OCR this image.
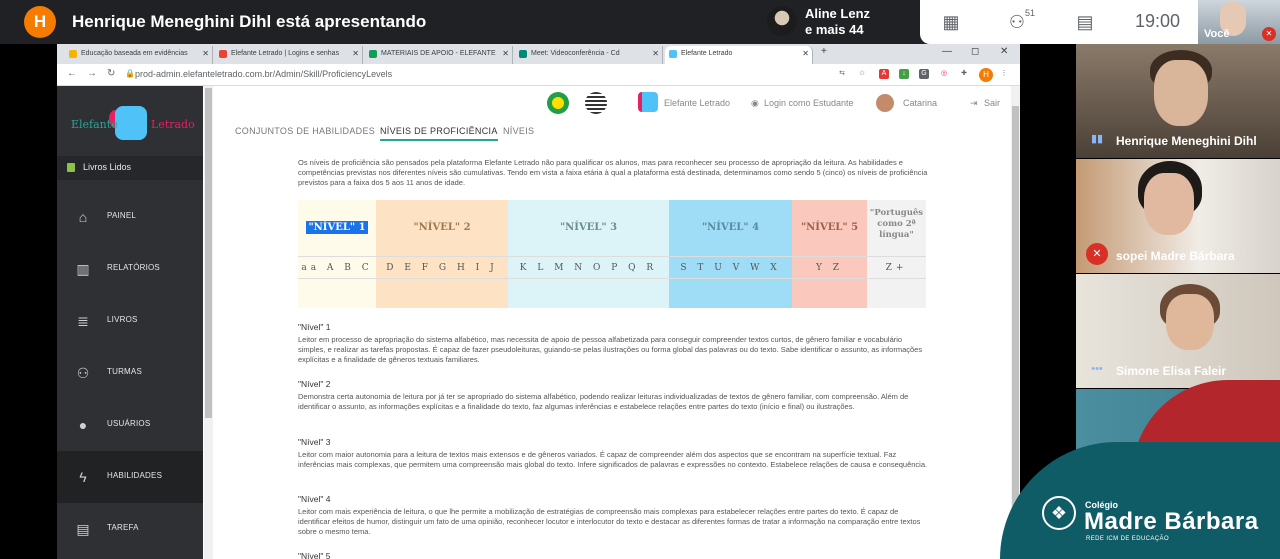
H	Henrique Meneghini Dihl está apresentando	Aline Lenz
e mais 44	▦	⚇ 51 ▤ 19:00
Você	✕
Educação baseada em evidências ✕	Elefante Letrado | Logins e senhas ✕	MATERIAIS DE APOIO - ELEFANTE ✕	Meet: Videoconferência - Cd	✕	Elefante Letrado	✕ +	— ◻ ✕
← → ↻ 🔒 prod-admin.elefanteletrado.com.br/Admin/Skill/ProficiencyLevels	⇆ ☆	A	↓	G	◎ ✚	H	⋮
Elefante	Letrado
Livros Lidos
⌂	PAINEL
▥ RELATÓRIOS
≣ LIVROS
⚇ TURMAS
●	USUÁRIOS
ϟ	HABILIDADES
▤ TAREFA
Elefante Letrado ◉ Login como Estudante	Catarina	⇥ Sair
CONJUNTOS DE HABILIDADES NÍVEIS DE PROFICIÊNCIA NÍVEIS
Os níveis de proficiência são pensados pela plataforma Elefante Letrado não para qualificar os alunos, mas para reconhecer seu processo de apropriação da leitura. As habilidades e competências previstas nos diferentes níveis são cumulativas. Tendo em vista a faixa etária à qual a plataforma está destinada, determinamos como sendo 5 (cinco) os níveis de proficiência previstos para a faixa dos 5 aos 11 anos de idade.
"NÍVEL" 1	"NÍVEL" 2	"NÍVEL" 3	"NÍVEL" 4	"NÍVEL" 5
"Português como 2ª língua"
aa A B C	D E F G H I J	K L M N O P Q R	S T U V W X	Y Z	Z+
"Nível" 1
Leitor em processo de apropriação do sistema alfabético, mas necessita de apoio de pessoa alfabetizada para conseguir compreender textos curtos, de gênero familiar e vocabulário simples, e realizar as tarefas propostas. É capaz de fazer pseudoleituras, guiando-se pelas ilustrações ou forma global das palavras ou do texto. Sabe identificar o assunto, as informações explícitas e a finalidade de gêneros textuais familiares.
"Nível" 2
Demonstra certa autonomia de leitura por já ter se apropriado do sistema alfabético, podendo realizar leituras individualizadas de textos de gênero familiar, com compreensão. Além de identificar o assunto, as informações explícitas e a finalidade do texto, faz algumas inferências e estabelece relações entre partes do texto (início e final) ou ilustrações.
"Nível" 3
Leitor com maior autonomia para a leitura de textos mais extensos e de gêneros variados. É capaz de compreender além dos aspectos que se encontram na superfície textual. Faz inferências mais complexas, que permitem uma compreensão mais global do texto. Infere significados de palavras e expressões no contexto. Estabelece relações de causa e consequência.
"Nível" 4
Leitor com mais experiência de leitura, o que lhe permite a mobilização de estratégias de compreensão mais complexas para estabelecer relações entre partes do texto. É capaz de identificar efeitos de humor, distinguir um fato de uma opinião, reconhecer locutor e interlocutor do texto e destacar as diferentes formas de tratar a informação na comparação entre textos sobre o mesmo tema.
"Nível" 5
▮▮	Henrique Meneghini Dihl
✕	sopei Madre Bárbara
•••	Simone Elisa Faleir
❖	Colégio
Madre Bárbara
REDE ICM DE EDUCAÇÃO
